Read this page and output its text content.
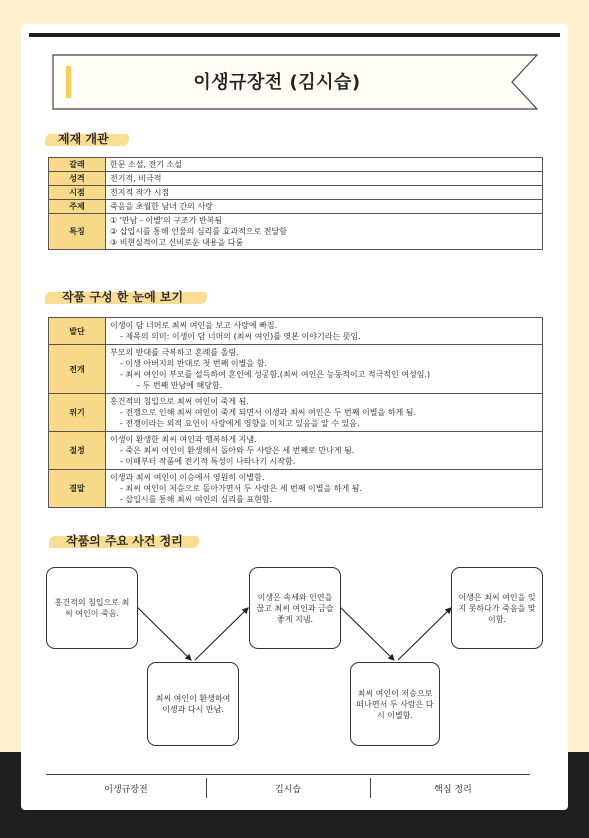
이생규장전 (김시습)
✦
제재 개관
갈래	한문 소설, 전기 소설
성격	전기적, 비극적
시점	전지적 작가 시점
주제	죽음을 초월한 남녀 간의 사랑
특징	① '만남 - 이별'의 구조가 반복됨
② 삽입시를 통해 인물의 심리를 효과적으로 전달함
③ 비현실적이고 신비로운 내용을 다룸
작품 구성 한 눈에 보기
발단	이생이 담 너머로 최씨 여인을 보고 사랑에 빠짐.
- 제목의 의미: 이생이 담 너머의 (최씨 여인)를 엿본 이야기라는 뜻임.

전개	부모의 반대를 극복하고 혼례를 올림.
- 이생 아버지의 반대로 첫 번째 이별을 함.
- 최씨 여인이 부모를 설득하여 혼인에 성공함.(최씨 여인은 능동적이고 적극적인 여성임.)
– 두 번째 만남에 해당함.

위기	홍건적의 침입으로 최씨 여인이 죽게 됨.
- 전쟁으로 인해 최씨 여인이 죽게 되면서 이생과 최씨 여인은 두 번째 이별을 하게 됨.
- 전쟁이라는 외적 요인이 사랑에게 영향을 미치고 있음을 알 수 있음.

절정	이생이 환생한 최씨 여인과 행복하게 지냄.
- 죽은 최씨 여인이 환생해서 돌아와 두 사람은 세 번째로 만나게 됨.
- 이때부터 작품에 전기적 특성이 나타나기 시작함.

결말	이생과 최씨 여인이 이승에서 영원히 이별함.
- 최씨 여인이 저승으로 돌아가면서 두 사람은 세 번째 이별을 하게 됨.
- 삽입시를 통해 최씨 여인의 심리를 표현함.
작품의 주요 사건 정리
홍건적의 침입으로 최씨 여인이 죽음.
최씨 여인이 환생하여 이생과 다시 만남.
이생은 속세와 인연을 끊고 최씨 여인과 금슬 좋게 지냄.
최씨 여인이 저승으로 떠나면서 두 사람은 다시 이별함.
이생은 최씨 여인을 잊지 못하다가 죽음을 맞이함.
이생규장전	김시습	핵심 정리
